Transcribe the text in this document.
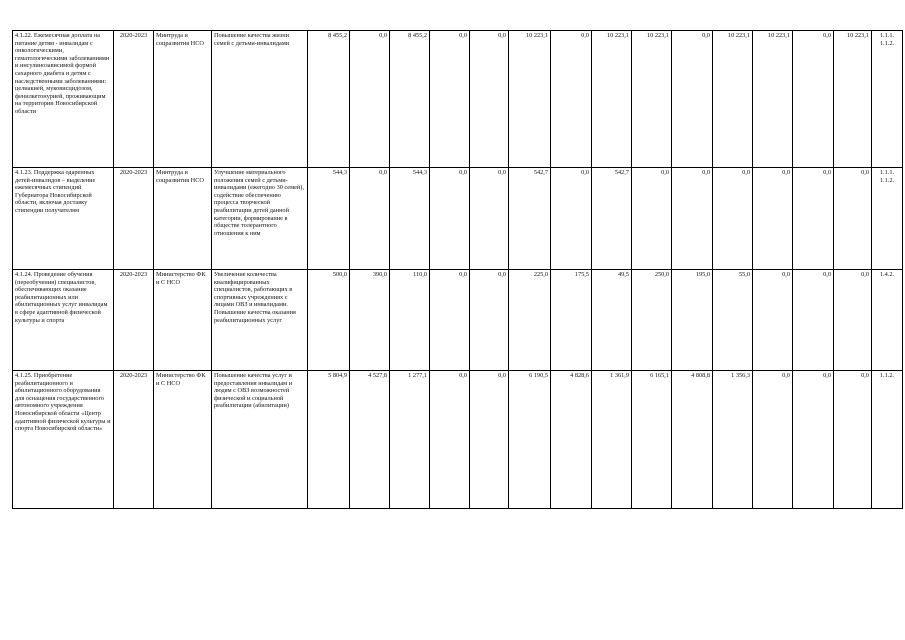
4.1.22. Ежемесячная доплата на питание детям - инвалидам с онкологическими, гематологическими заболеваниями и инсулинозависимой формой сахарного диабета и детям с наследственными заболеваниями: целиакией, муковисцидозом, фенилкетонурией, проживающим на территории Новосибирской области	2020-2023	Минтруда и соцразвития НСО	Повышение качества жизни семей с детьми-инвалидами	8 455,2	0,0	8 455,2	0,0	0,0	10 223,1	0,0	10 223,1	10 223,1	0,0	10 223,1	10 223,1	0,0	10 223,1	1.1.1. 1.1.2.
4.1.23. Поддержка одаренных детей-инвалидов – выделение ежемесячных стипендий Губернатора Новосибирской области, включая доставку стипендии получателям	2020-2023	Минтруда и соцразвития НСО	Улучшение материального положения семей с детьми-инвалидами (ежегодно 30 семей), содействие обеспечению процесса творческой реабилитации детей данной категории, формирование в обществе толерантного отношения к ним	544,3	0,0	544,3	0,0	0,0	542,7	0,0	542,7	0,0	0,0	0,0	0,0	0,0	0,0	1.1.1. 1.1.2.
4.1.24. Проведение обучения (переобучения) специалистов, обеспечивающих оказание реабилитационных или абилитационных услуг инвалидам в сфере адаптивной физической культуры и спорта	2020-2023	Министерство ФК и С НСО	Увеличение количества квалифицированных специалистов, работающих в спортивных учреждениях с лицами ОВЗ и инвалидами. Повышение качества оказания реабилитационных услуг	500,0	390,0	110,0	0,0	0,0	225,0	175,5	49,5	250,0	195,0	55,0	0,0	0,0	0,0	1.4.2.
4.1.25. Приобретение реабилитационного и абилитационного оборудования для оснащения государственного автономного учреждения Новосибирской области «Центр адаптивной физической культуры и спорта Новосибирской области»	2020-2023	Министерство ФК и С НСО	Повышение качества услуг и предоставления инвалидам и людям с ОВЗ возможностей физической и социальной реабилитации (абилитации)	5 804,9	4 527,8	1 277,1	0,0	0,0	6 190,5	4 828,6	1 361,9	6 165,1	4 808,8	1 356,3	0,0	0,0	0,0	1.1.2.
